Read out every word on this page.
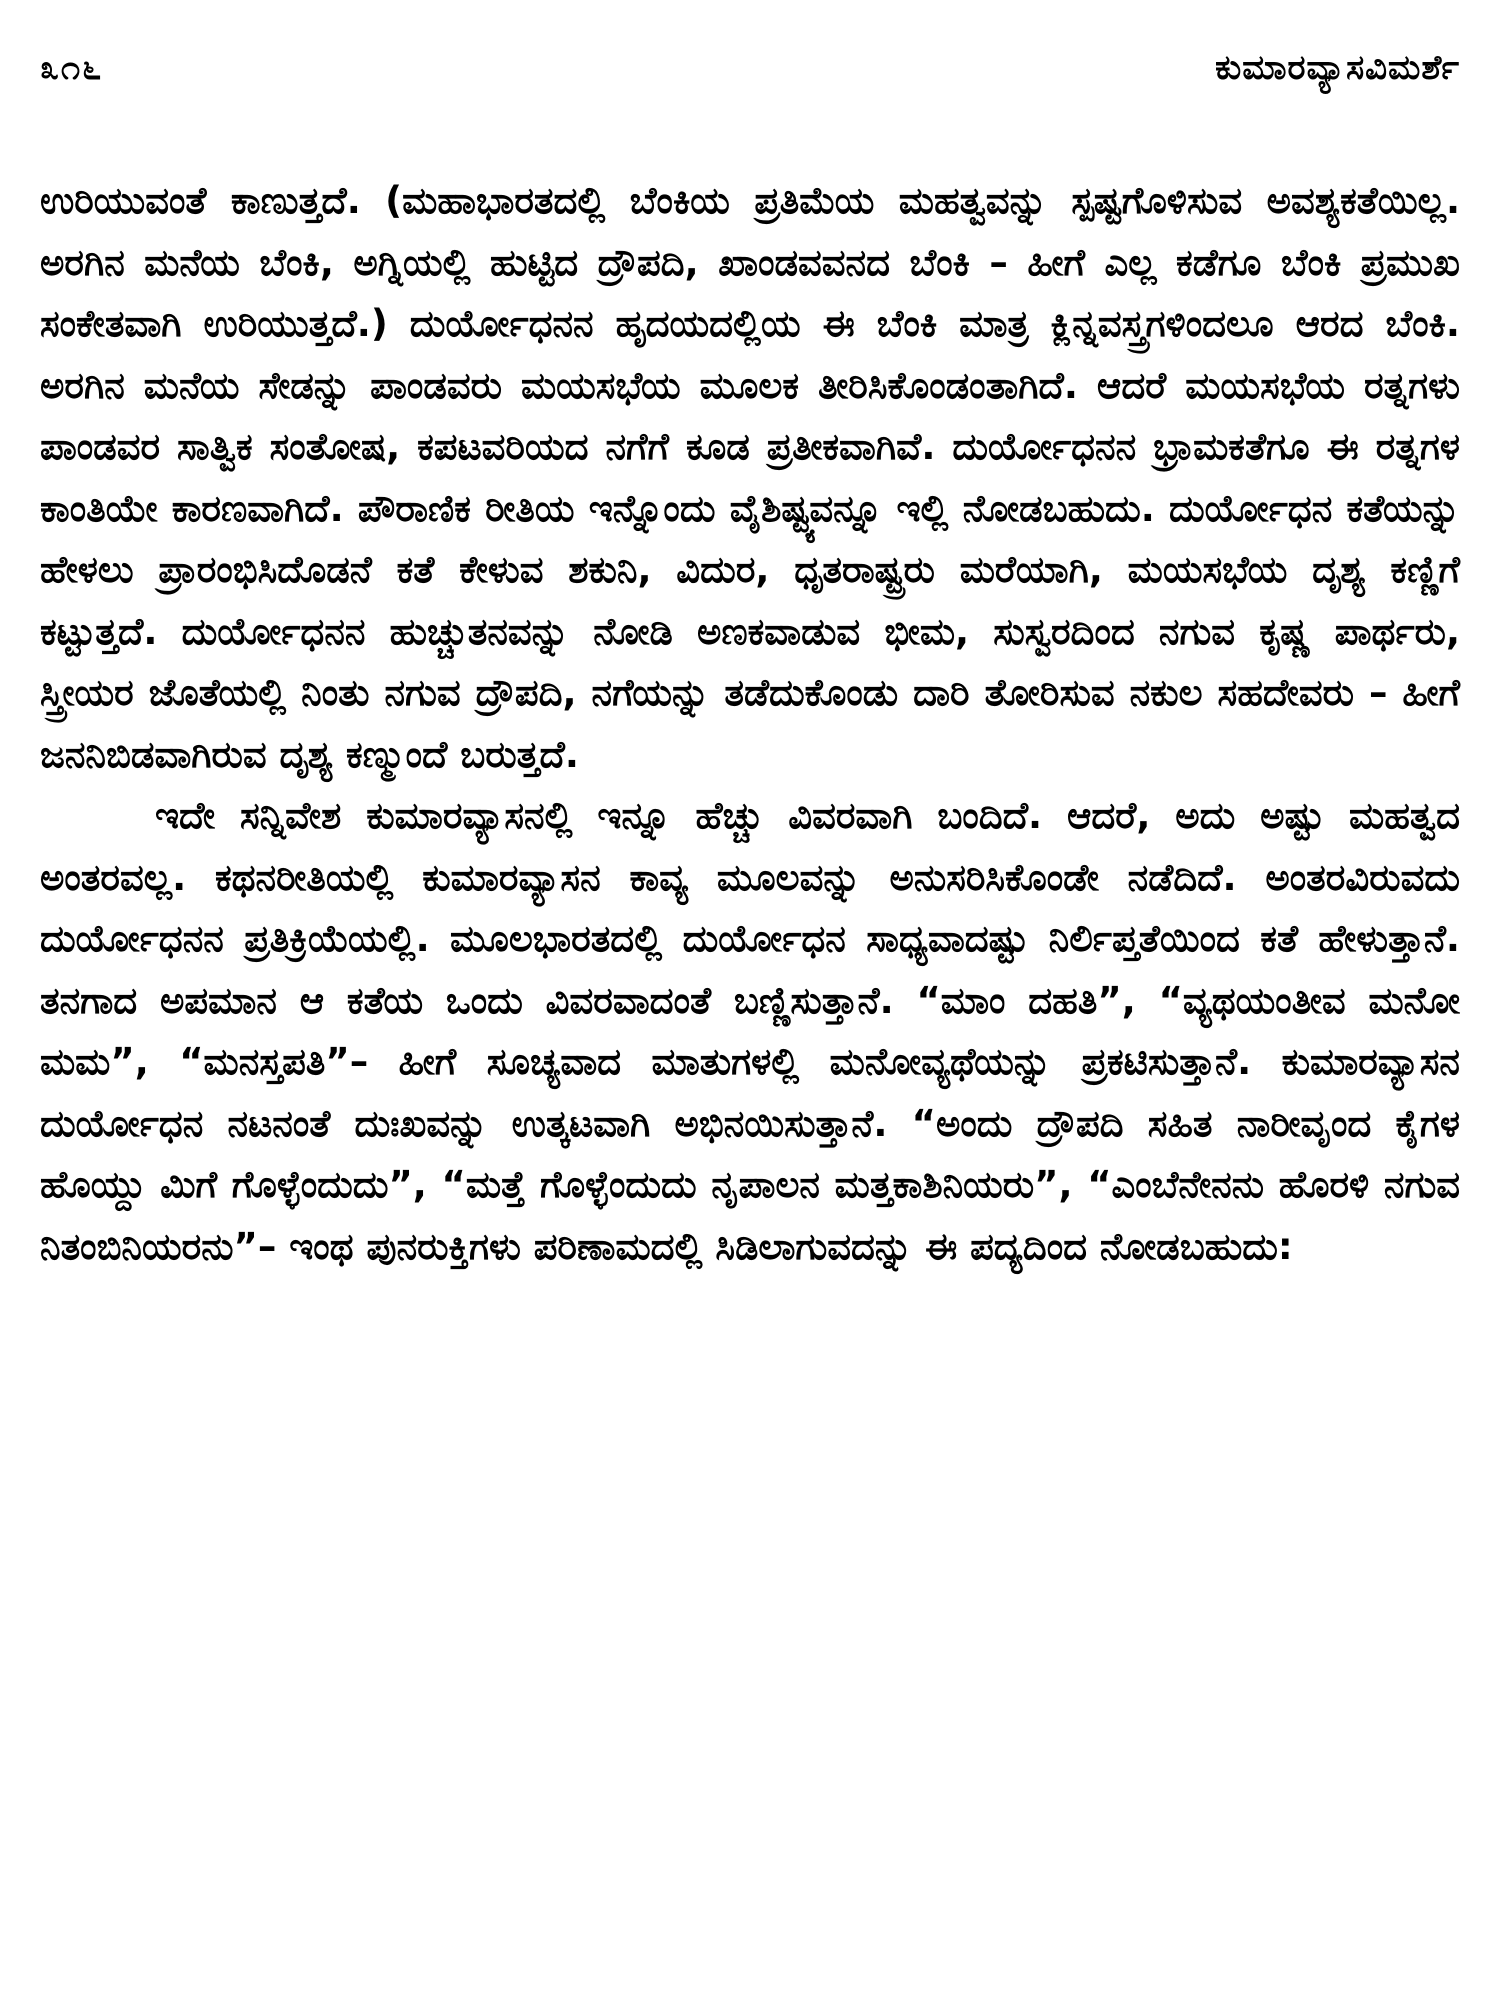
೩೧೬	ಕುಮಾರವ್ಯಾಸವಿಮರ್ಶೆ

ಉರಿಯುವಂತೆ ಕಾಣುತ್ತದೆ. (ಮಹಾಭಾರತದಲ್ಲಿ ಬೆಂಕಿಯ ಪ್ರತಿಮೆಯ ಮಹತ್ವವನ್ನು ಸ್ಪಷ್ಟಗೊಳಿಸುವ ಅವಶ್ಯಕತೆಯಿಲ್ಲ. ಅರಗಿನ ಮನೆಯ ಬೆಂಕಿ, ಅಗ್ನಿಯಲ್ಲಿ ಹುಟ್ಟಿದ ದ್ರೌಪದಿ, ಖಾಂಡವವನದ ಬೆಂಕಿ – ಹೀಗೆ ಎಲ್ಲ ಕಡೆಗೂ ಬೆಂಕಿ ಪ್ರಮುಖ ಸಂಕೇತವಾಗಿ ಉರಿಯುತ್ತದೆ.) ದುರ್ಯೋಧನನ ಹೃದಯದಲ್ಲಿಯ ಈ ಬೆಂಕಿ ಮಾತ್ರ ಕ್ಲಿನ್ನವಸ್ತ್ರಗಳಿಂದಲೂ ಆರದ ಬೆಂಕಿ. ಅರಗಿನ ಮನೆಯ ಸೇಡನ್ನು ಪಾಂಡವರು ಮಯಸಭೆಯ ಮೂಲಕ ತೀರಿಸಿಕೊಂಡಂತಾಗಿದೆ. ಆದರೆ ಮಯಸಭೆಯ ರತ್ನಗಳು ಪಾಂಡವರ ಸಾತ್ವಿಕ ಸಂತೋಷ, ಕಪಟವರಿಯದ ನಗೆಗೆ ಕೂಡ ಪ್ರತೀಕವಾಗಿವೆ. ದುರ್ಯೋಧನನ ಭ್ರಾಮಕತೆಗೂ ಈ ರತ್ನಗಳ ಕಾಂತಿಯೇ ಕಾರಣವಾಗಿದೆ. ಪೌರಾಣಿಕ ರೀತಿಯ ಇನ್ನೊಂದು ವೈಶಿಷ್ಟ್ಯವನ್ನೂ ಇಲ್ಲಿ ನೋಡಬಹುದು. ದುರ್ಯೋಧನ ಕತೆಯನ್ನು ಹೇಳಲು ಪ್ರಾರಂಭಿಸಿದೊಡನೆ ಕತೆ ಕೇಳುವ ಶಕುನಿ, ವಿದುರ, ಧೃತರಾಷ್ಟ್ರರು ಮರೆಯಾಗಿ, ಮಯಸಭೆಯ ದೃಶ್ಯ ಕಣ್ಣಿಗೆ ಕಟ್ಟುತ್ತದೆ. ದುರ್ಯೋಧನನ ಹುಚ್ಚುತನವನ್ನು ನೋಡಿ ಅಣಕವಾಡುವ ಭೀಮ, ಸುಸ್ವರದಿಂದ ನಗುವ ಕೃಷ್ಣ ಪಾರ್ಥರು, ಸ್ತ್ರೀಯರ ಜೊತೆಯಲ್ಲಿ ನಿಂತು ನಗುವ ದ್ರೌಪದಿ, ನಗೆಯನ್ನು ತಡೆದುಕೊಂಡು ದಾರಿ ತೋರಿಸುವ ನಕುಲ ಸಹದೇವರು – ಹೀಗೆ ಜನನಿಬಿಡವಾಗಿರುವ ದೃಶ್ಯ ಕಣ್ಮುಂದೆ ಬರುತ್ತದೆ.

ಇದೇ ಸನ್ನಿವೇಶ ಕುಮಾರವ್ಯಾಸನಲ್ಲಿ ಇನ್ನೂ ಹೆಚ್ಚು ವಿವರವಾಗಿ ಬಂದಿದೆ. ಆದರೆ, ಅದು ಅಷ್ಟು ಮಹತ್ವದ ಅಂತರವಲ್ಲ. ಕಥನರೀತಿಯಲ್ಲಿ ಕುಮಾರವ್ಯಾಸನ ಕಾವ್ಯ ಮೂಲವನ್ನು ಅನುಸರಿಸಿಕೊಂಡೇ ನಡೆದಿದೆ. ಅಂತರವಿರುವದು ದುರ್ಯೋಧನನ ಪ್ರತಿಕ್ರಿಯೆಯಲ್ಲಿ. ಮೂಲಭಾರತದಲ್ಲಿ ದುರ್ಯೋಧನ ಸಾಧ್ಯವಾದಷ್ಟು ನಿರ್ಲಿಪ್ತತೆಯಿಂದ ಕತೆ ಹೇಳುತ್ತಾನೆ. ತನಗಾದ ಅಪಮಾನ ಆ ಕತೆಯ ಒಂದು ವಿವರವಾದಂತೆ ಬಣ್ಣಿಸುತ್ತಾನೆ. “ಮಾಂ ದಹತಿ”, “ವ್ಯಥಯಂತೀವ ಮನೋ ಮಮ”, “ಮನಸ್ತಪತಿ”– ಹೀಗೆ ಸೂಚ್ಯವಾದ ಮಾತುಗಳಲ್ಲಿ ಮನೋವ್ಯಥೆಯನ್ನು ಪ್ರಕಟಿಸುತ್ತಾನೆ. ಕುಮಾರವ್ಯಾಸನ ದುರ್ಯೋಧನ ನಟನಂತೆ ದುಃಖವನ್ನು ಉತ್ಕಟವಾಗಿ ಅಭಿನಯಿಸುತ್ತಾನೆ. “ಅಂದು ದ್ರೌಪದಿ ಸಹಿತ ನಾರೀವೃಂದ ಕೈಗಳ ಹೊಯ್ದು ಮಿಗೆ ಗೊಳ್ಳೆಂದುದು”, “ಮತ್ತೆ ಗೊಳ್ಳೆಂದುದು ನೃಪಾಲನ ಮತ್ತಕಾಶಿನಿಯರು”, “ಎಂಬೆನೇನನು ಹೊರಳಿ ನಗುವ ನಿತಂಬಿನಿಯರನು”– ಇಂಥ ಪುನರುಕ್ತಿಗಳು ಪರಿಣಾಮದಲ್ಲಿ ಸಿಡಿಲಾಗುವದನ್ನು ಈ ಪದ್ಯದಿಂದ ನೋಡಬಹುದು:
